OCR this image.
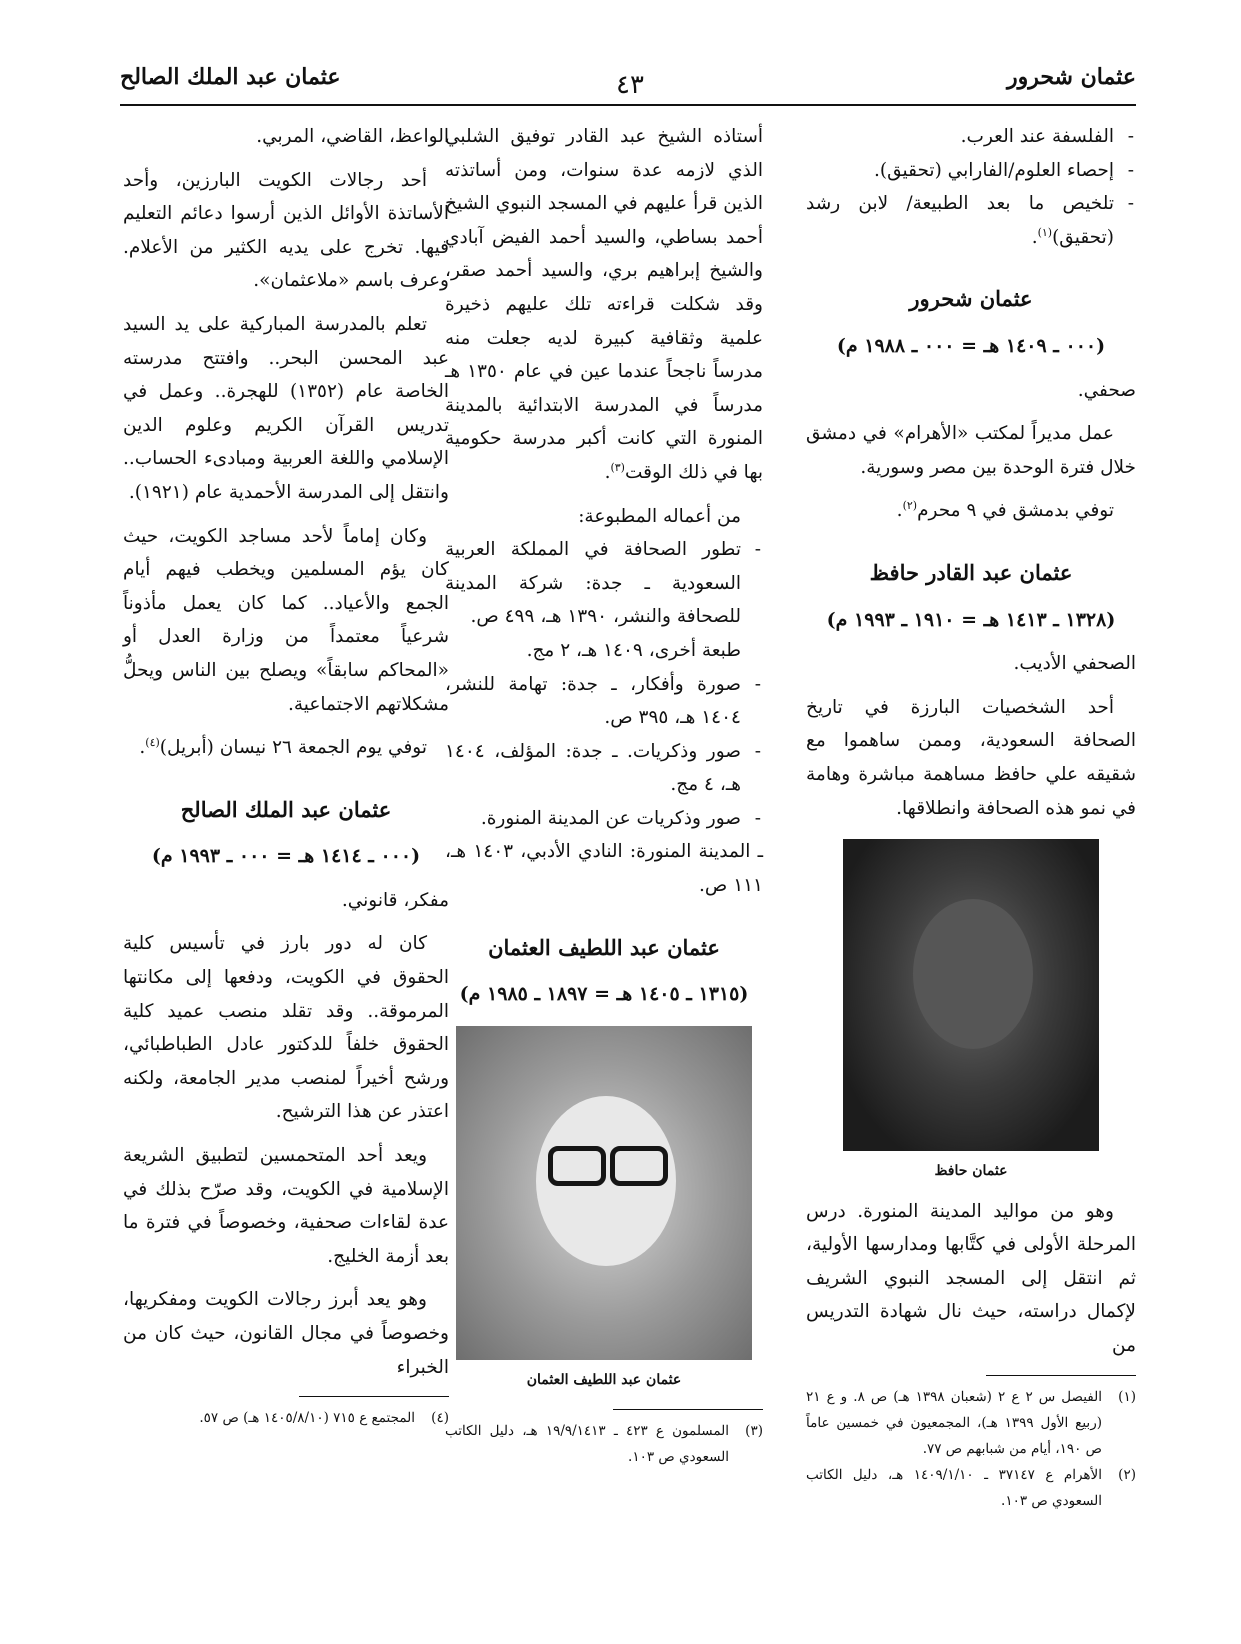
عثمان شحرور
٤٣
عثمان عبد الملك الصالح

- الفلسفة عند العرب.

- إحصاء العلوم/الفارابي (تحقيق).

- تلخيص ما بعد الطبيعة/ لابن رشد (تحقيق)$^{(١)}$.

عثمان شحرور
(٠٠٠ ـ ١٤٠٩ هـ = ٠٠٠ ـ ١٩٨٨ م)

صحفي.

عمل مديراً لمكتب «الأهرام» في دمشق خلال فترة الوحدة بين مصر وسورية.

توفي بدمشق في ٩ محرم$^{(٢)}$.

عثمان عبد القادر حافظ
(١٣٢٨ ـ ١٤١٣ هـ = ١٩١٠ ـ ١٩٩٣ م)

الصحفي الأديب.

أحد الشخصيات البارزة في تاريخ الصحافة السعودية، وممن ساهموا مع شقيقه علي حافظ مساهمة مباشرة وهامة في نمو هذه الصحافة وانطلاقها.

عثمان حافظ

وهو من مواليد المدينة المنورة. درس المرحلة الأولى في كتَّابها ومدارسها الأولية، ثم انتقل إلى المسجد النبوي الشريف لإكمال دراسته، حيث نال شهادة التدريس من

(١)
الفيصل س ٢ ع ٢ (شعبان ١٣٩٨ هـ) ص ٨. و ع ٢١ (ربيع الأول ١٣٩٩ هـ)، المجمعيون في خمسين عاماً ص ١٩٠، أيام من شبابهم ص ٧٧.
(٢)
الأهرام ع ٣٧١٤٧ ـ ١٤٠٩/١/١٠ هـ، دليل الكاتب السعودي ص ١٠٣.

أستاذه الشيخ عبد القادر توفيق الشلبي الذي لازمه عدة سنوات، ومن أساتذته الذين قرأ عليهم في المسجد النبوي الشيخ أحمد بساطي، والسيد أحمد الفيض آبادي والشيخ إبراهيم بري، والسيد أحمد صقر، وقد شكلت قراءته تلك عليهم ذخيرة علمية وثقافية كبيرة لديه جعلت منه مدرساً ناجحاً عندما عين في عام ١٣٥٠ هـ مدرساً في المدرسة الابتدائية بالمدينة المنورة التي كانت أكبر مدرسة حكومية بها في ذلك الوقت$^{(٣)}$.

من أعماله المطبوعة:

- تطور الصحافة في المملكة العربية السعودية ـ جدة: شركة المدينة للصحافة والنشر، ١٣٩٠ هـ، ٤٩٩ ص.

طبعة أخرى، ١٤٠٩ هـ، ٢ مج.

- صورة وأفكار، ـ جدة: تهامة للنشر، ١٤٠٤ هـ، ٣٩٥ ص.

- صور وذكريات. ـ جدة: المؤلف، ١٤٠٤ هـ، ٤ مج.

- صور وذكريات عن المدينة المنورة.

ـ المدينة المنورة: النادي الأدبي، ١٤٠٣ هـ، ١١١ ص.

عثمان عبد اللطيف العثمان
(١٣١٥ ـ ١٤٠٥ هـ = ١٨٩٧ ـ ١٩٨٥ م)
عثمان عبد اللطيف العثمان
(٣)
المسلمون ع ٤٢٣ ـ ١٩/٩/١٤١٣ هـ، دليل الكاتب السعودي ص ١٠٣.

الواعظ، القاضي، المربي.

أحد رجالات الكويت البارزين، وأحد الأساتذة الأوائل الذين أرسوا دعائم التعليم فيها. تخرج على يديه الكثير من الأعلام. وعرف باسم «ملاعثمان».

تعلم بالمدرسة المباركية على يد السيد عبد المحسن البحر.. وافتتح مدرسته الخاصة عام (١٣٥٢) للهجرة.. وعمل في تدريس القرآن الكريم وعلوم الدين الإسلامي واللغة العربية ومبادىء الحساب.. وانتقل إلى المدرسة الأحمدية عام (١٩٢١).

وكان إماماً لأحد مساجد الكويت، حيث كان يؤم المسلمين ويخطب فيهم أيام الجمع والأعياد.. كما كان يعمل مأذوناً شرعياً معتمداً من وزارة العدل أو «المحاكم سابقاً» ويصلح بين الناس ويحلُّ مشكلاتهم الاجتماعية.

توفي يوم الجمعة ٢٦ نيسان (أبريل)$^{(٤)}$.

عثمان عبد الملك الصالح
(٠٠٠ ـ ١٤١٤ هـ = ٠٠٠ ـ ١٩٩٣ م)

مفكر، قانوني.

كان له دور بارز في تأسيس كلية الحقوق في الكويت، ودفعها إلى مكانتها المرموقة.. وقد تقلد منصب عميد كلية الحقوق خلفاً للدكتور عادل الطباطبائي، ورشح أخيراً لمنصب مدير الجامعة، ولكنه اعتذر عن هذا الترشيح.

ويعد أحد المتحمسين لتطبيق الشريعة الإسلامية في الكويت، وقد صرّح بذلك في عدة لقاءات صحفية، وخصوصاً في فترة ما بعد أزمة الخليج.

وهو يعد أبرز رجالات الكويت ومفكريها، وخصوصاً في مجال القانون، حيث كان من الخبراء

(٤)
المجتمع ع ٧١٥ (١٤٠٥/٨/١٠ هـ) ص ٥٧.
